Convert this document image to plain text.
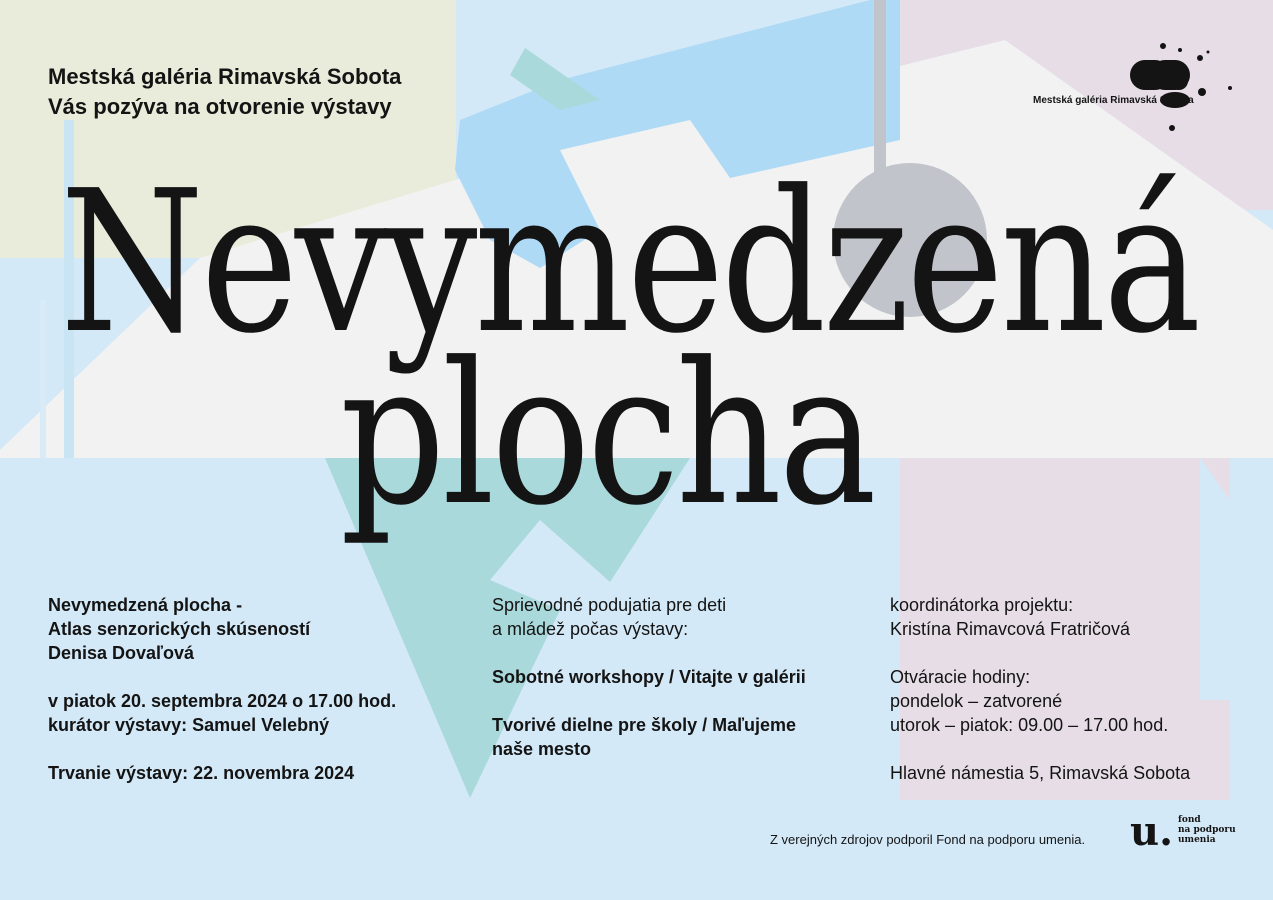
Mestská galéria Rimavská Sobota

Vás pozýva na otvorenie výstavy	Mestská galéria Rimavská Sobota
Nevymedzená
plocha

Nevymedzená plocha -

Atlas senzorických skúseností

Denisa Dovaľová

v piatok 20. septembra 2024 o 17.00 hod.

kurátor výstavy: Samuel Velebný

Trvanie výstavy: 22. novembra 2024

Sprievodné podujatia pre deti

a mládež počas výstavy:

Sobotné workshopy / Vitajte v galérii

Tvorivé dielne pre školy / Maľujeme

naše mesto

koordinátorka projektu:

Kristína Rimavcová Fratričová

Otváracie hodiny:

pondelok – zatvorené

utorok – piatok: 09.00 – 17.00 hod.

Hlavné námestia 5, Rimavská Sobota

Z verejných zdrojov podporil Fond na podporu umenia. u. fond
na podporu
umenia
